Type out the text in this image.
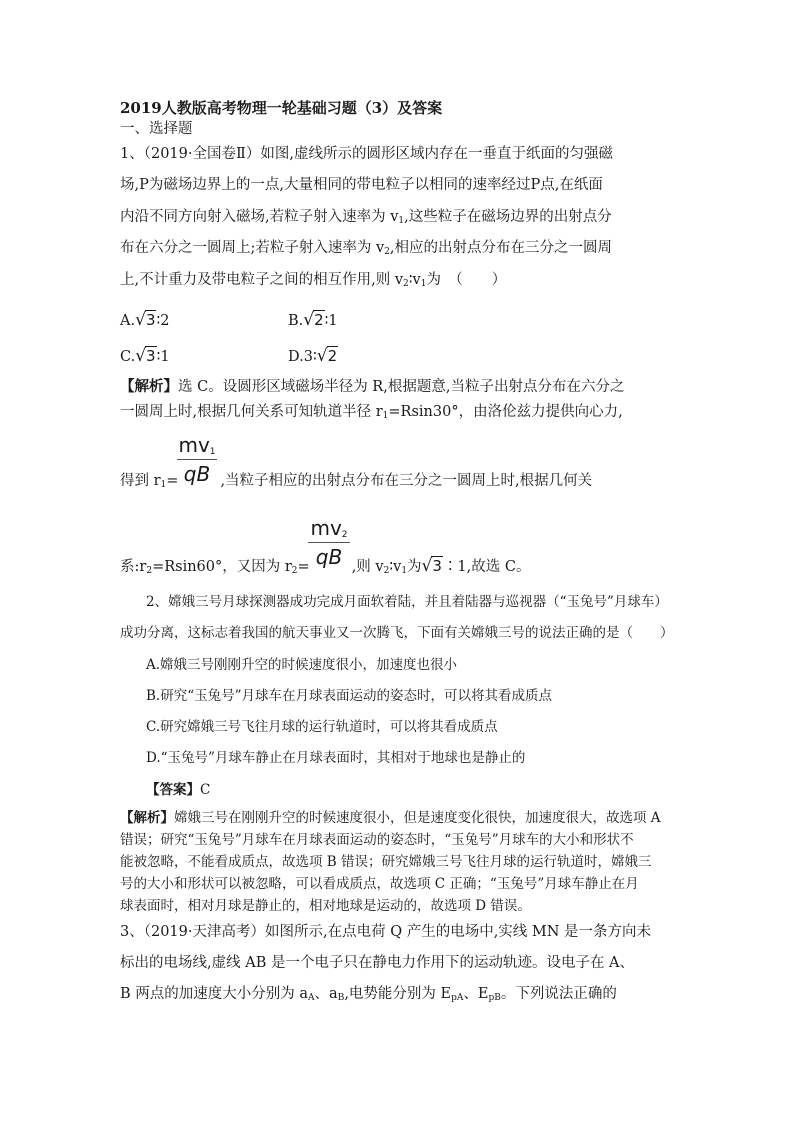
2019人教版高考物理一轮基础习题（3）及答案
一、选择题
1、（2019·全国卷Ⅱ）如图,虚线所示的圆形区域内存在一垂直于纸面的匀强磁
场,P为磁场边界上的一点,大量相同的带电粒子以相同的速率经过P点,在纸面
内沿不同方向射入磁场,若粒子射入速率为 $v_1$,这些粒子在磁场边界的出射点分
布在六分之一圆周上;若粒子射入速率为 $v_2$,相应的出射点分布在三分之一圆周
上,不计重力及带电粒子之间的相互作用,则 $v_2∶v_1$为　（　　）
A.√3∶2	B.√2∶1
C.√3∶1	D.3∶√2
【解析】选 C。设圆形区域磁场半径为 R,根据题意,当粒子出射点分布在六分之
一圆周上时,根据几何关系可知轨道半径 $r_1=Rsin30^\circ$，由洛伦兹力提供向心力,
$\frac{mv_1}{qB}$
得到 $r_1=$	,当粒子相应的出射点分布在三分之一圆周上时,根据几何关
$\frac{mv_2}{qB}$
系$:r_2=Rsin60^\circ$，又因为 $r_2=$	,则 $v_2∶v_1$为√3∶1,故选 C。
2、嫦娥三号月球探测器成功完成月面软着陆，并且着陆器与巡视器（“玉兔号”月球车）
成功分离，这标志着我国的航天事业又一次腾飞，下面有关嫦娥三号的说法正确的是（　　）
A.嫦娥三号刚刚升空的时候速度很小，加速度也很小
B.研究“玉兔号”月球车在月球表面运动的姿态时，可以将其看成质点
C.研究嫦娥三号飞往月球的运行轨道时，可以将其看成质点
D.“玉兔号”月球车静止在月球表面时，其相对于地球也是静止的
【答案】C
【解析】嫦娥三号在刚刚升空的时候速度很小，但是速度变化很快，加速度很大，故选项 A
错误；研究“玉兔号”月球车在月球表面运动的姿态时，“玉兔号”月球车的大小和形状不
能被忽略，不能看成质点，故选项 B 错误；研究嫦娥三号飞往月球的运行轨道时，嫦娥三
号的大小和形状可以被忽略，可以看成质点，故选项 C 正确；“玉兔号”月球车静止在月
球表面时，相对月球是静止的，相对地球是运动的，故选项 D 错误。
3、（2019·天津高考）如图所示,在点电荷 Q 产生的电场中,实线 MN 是一条方向未
标出的电场线,虚线 AB 是一个电子只在静电力作用下的运动轨迹。设电子在 A、
B 两点的加速度大小分别为 $a_A$、$a_B$,电势能分别为 $E_{pA}$、$E_{pB}$。下列说法正确的
